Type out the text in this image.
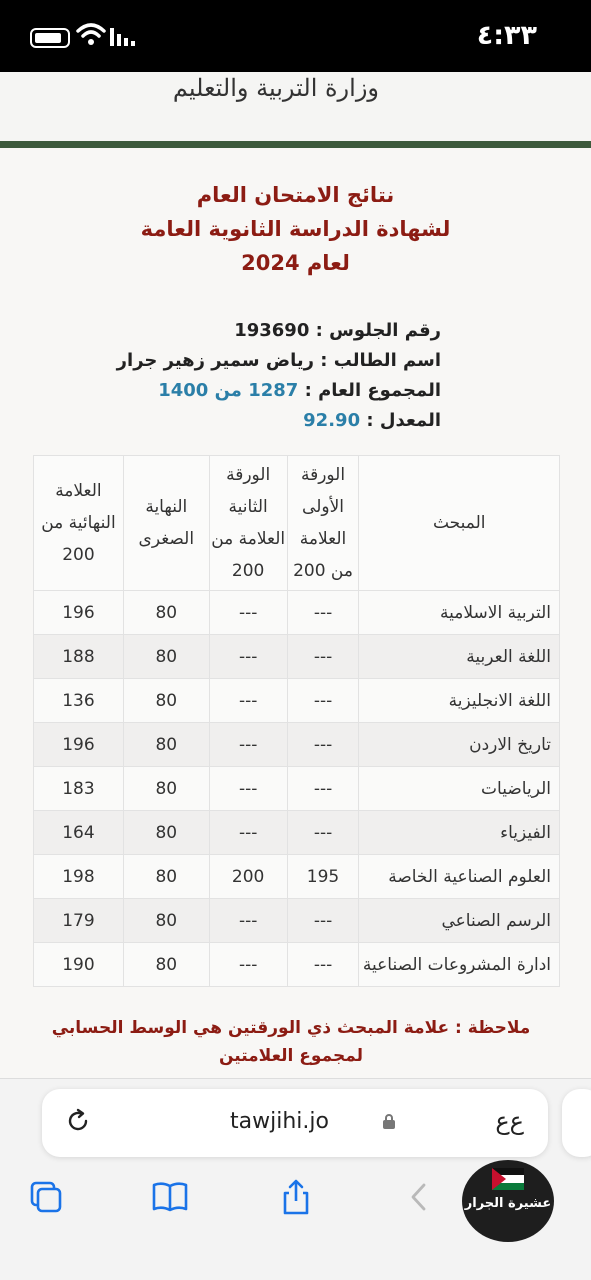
٤:٣٣
وزارة التربية والتعليم
نتائج الامتحان العام
لشهادة الدراسة الثانوية العامة
لعام 2024
رقم الجلوس : 193690
اسم الطالب : رياض سمير زهير جرار
المجموع العام : 1287 من 1400
المعدل : 92.90
المبحث	الورقة الأولى العلامة من 200	الورقة الثانية العلامة من 200	النهاية الصغرى	العلامة النهائية من 200
التربية الاسلامية	---	---	80	196
اللغة العربية	---	---	80	188
اللغة الانجليزية	---	---	80	136
تاريخ الاردن	---	---	80	196
الرياضيات	---	---	80	183
الفيزياء	---	---	80	164
العلوم الصناعية الخاصة	195	200	80	198
الرسم الصناعي	---	---	80	179
ادارة المشروعات الصناعية	---	---	80	190
ملاحظة : علامة المبحث ذي الورقتين هي الوسط الحسابي لمجموع العلامتين
tawjihi.jo	ﻉﻉ
عشيرة الجرار
